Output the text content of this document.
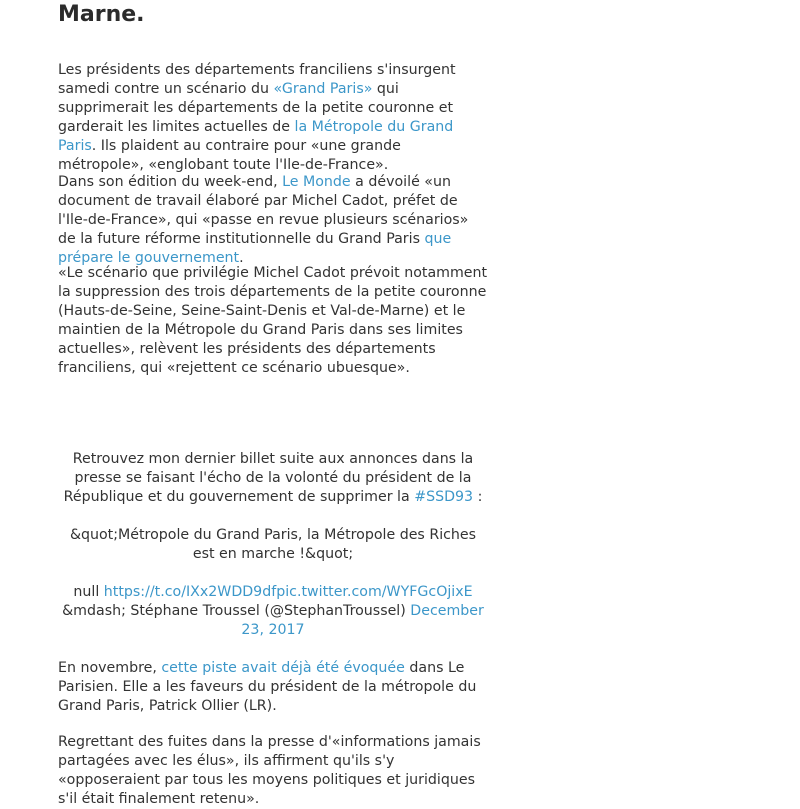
Marne.

Les présidents des départements franciliens s'insurgent samedi contre un scénario du «Grand Paris» qui supprimerait les départements de la petite couronne et garderait les limites actuelles de la Métropole du Grand Paris. Ils plaident au contraire pour «une grande métropole», «englobant toute l'Ile-de-France».

Dans son édition du week-end, Le Monde a dévoilé «un document de travail élaboré par Michel Cadot, préfet de l'Ile-de-France», qui «passe en revue plusieurs scénarios» de la future réforme institutionnelle du Grand Paris que prépare le gouvernement.

«Le scénario que privilégie Michel Cadot prévoit notamment la suppression des trois départements de la petite couronne (Hauts-de-Seine, Seine-Saint-Denis et Val-de-Marne) et le maintien de la Métropole du Grand Paris dans ses limites actuelles», relèvent les présidents des départements franciliens, qui «rejettent ce scénario ubuesque».

Retrouvez mon dernier billet suite aux annonces dans la presse se faisant l'écho de la volonté du président de la République et du gouvernement de supprimer la #SSD93 :

&quot;Métropole du Grand Paris, la Métropole des Riches est en marche !&quot;

null https://t.co/IXx2WDD9dfpic.twitter.com/WYFGcOjixE
&mdash; Stéphane Troussel (@StephanTroussel) December 23, 2017

En novembre, cette piste avait déjà été évoquée dans Le Parisien. Elle a les faveurs du président de la métropole du Grand Paris, Patrick Ollier (LR).

Regrettant des fuites dans la presse d'«informations jamais partagées avec les élus», ils affirment qu'ils s'y «opposeraient par tous les moyens politiques et juridiques s'il était finalement retenu».
